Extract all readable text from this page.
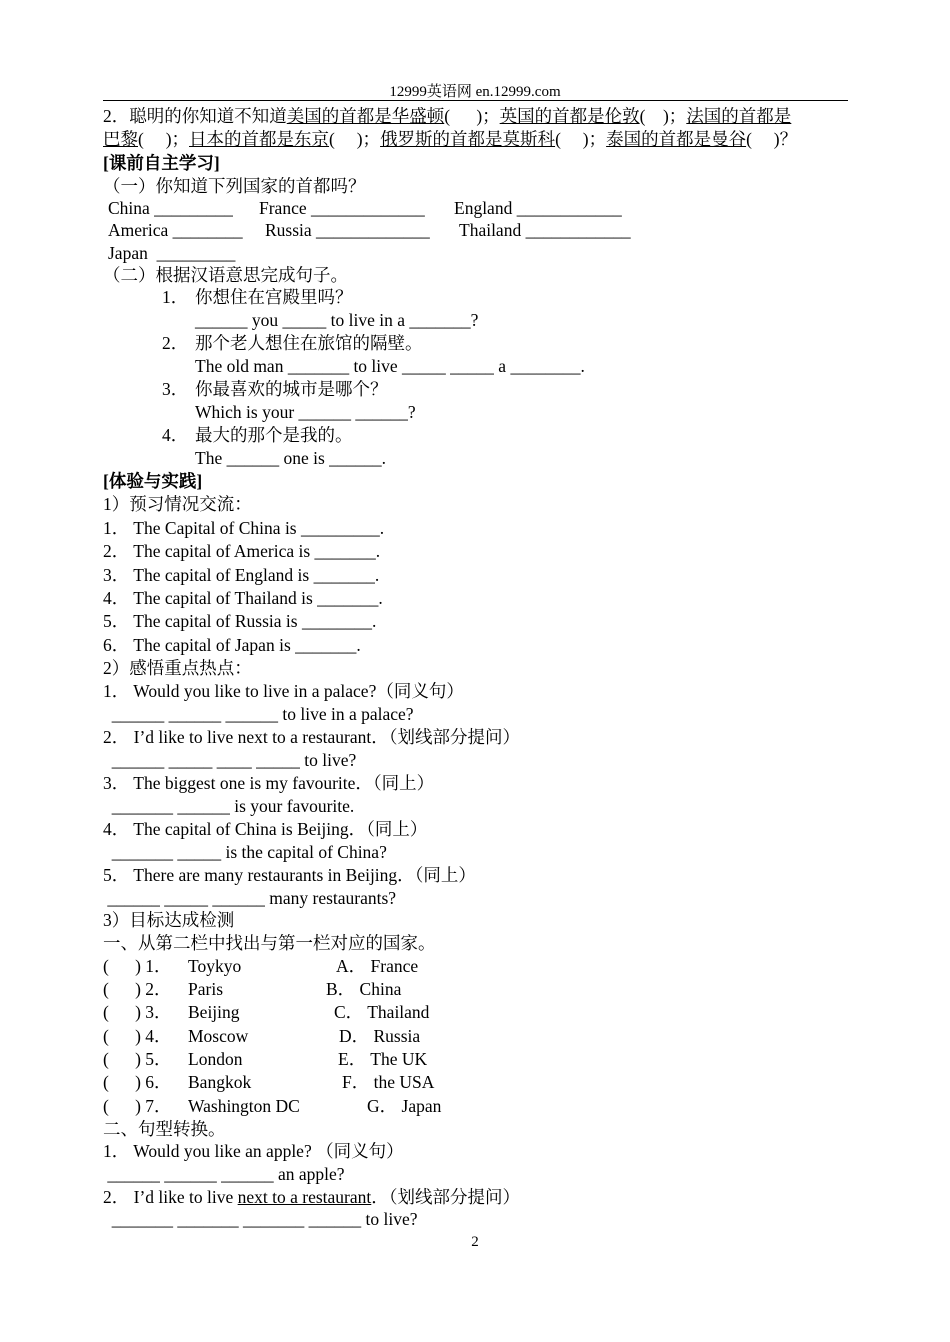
12999英语网 en.12999.com
2．聪明的你知道不知道美国的首都是华盛顿(      )；英国的首都是伦敦(    )；法国的首都是
巴黎(     )；日本的首都是东京(     )；俄罗斯的首都是莫斯科(     )；泰国的首都是曼谷(     )？
[课前自主学习]
（一）你知道下列国家的首都吗？
China _________ France _____________ England ____________
America ________ Russia _____________ Thailand ____________
Japan  _________
（二）根据汉语意思完成句子。
1． 你想住在宫殿里吗？
______ you _____ to live in a _______?
2． 那个老人想住在旅馆的隔壁。
The old man _______ to live _____ _____ a ________.
3． 你最喜欢的城市是哪个？
Which is your ______ ______?
4． 最大的那个是我的。
The ______ one is ______.
[体验与实践]
1）预习情况交流：
1． The Capital of China is _________.
2． The capital of America is _______.
3． The capital of England is _______.
4． The capital of Thailand is _______.
5． The capital of Russia is ________.
6． The capital of Japan is _______.
2）感悟重点热点：
1． Would you like to live in a palace?（同义句）
______ ______ ______ to live in a palace?
2． I’d like to live next to a restaurant．（划线部分提问）
______ _____ ____ _____ to live?
3． The biggest one is my favourite．（同上）
_______ ______ is your favourite.
4． The capital of China is Beijing．（同上）
_______ _____ is the capital of China?
5． There are many restaurants in Beijing．（同上）
______ _____ ______ many restaurants?
3）目标达成检测
一、从第二栏中找出与第一栏对应的国家。
(      ) 1． Toykyo	A． France
(      ) 2． Paris	B． China
(      ) 3． Beijing	C． Thailand
(      ) 4． Moscow	D． Russia
(      ) 5． London	E． The UK
(      ) 6． Bangkok	F． the USA
(      ) 7． Washington DC	G． Japan
二、句型转换。
1． Would you like an apple? （同义句）
______ ______ ______ an apple?
2． I’d like to live next to a restaurant．（划线部分提问）
_______ _______ _______ ______ to live?
2
